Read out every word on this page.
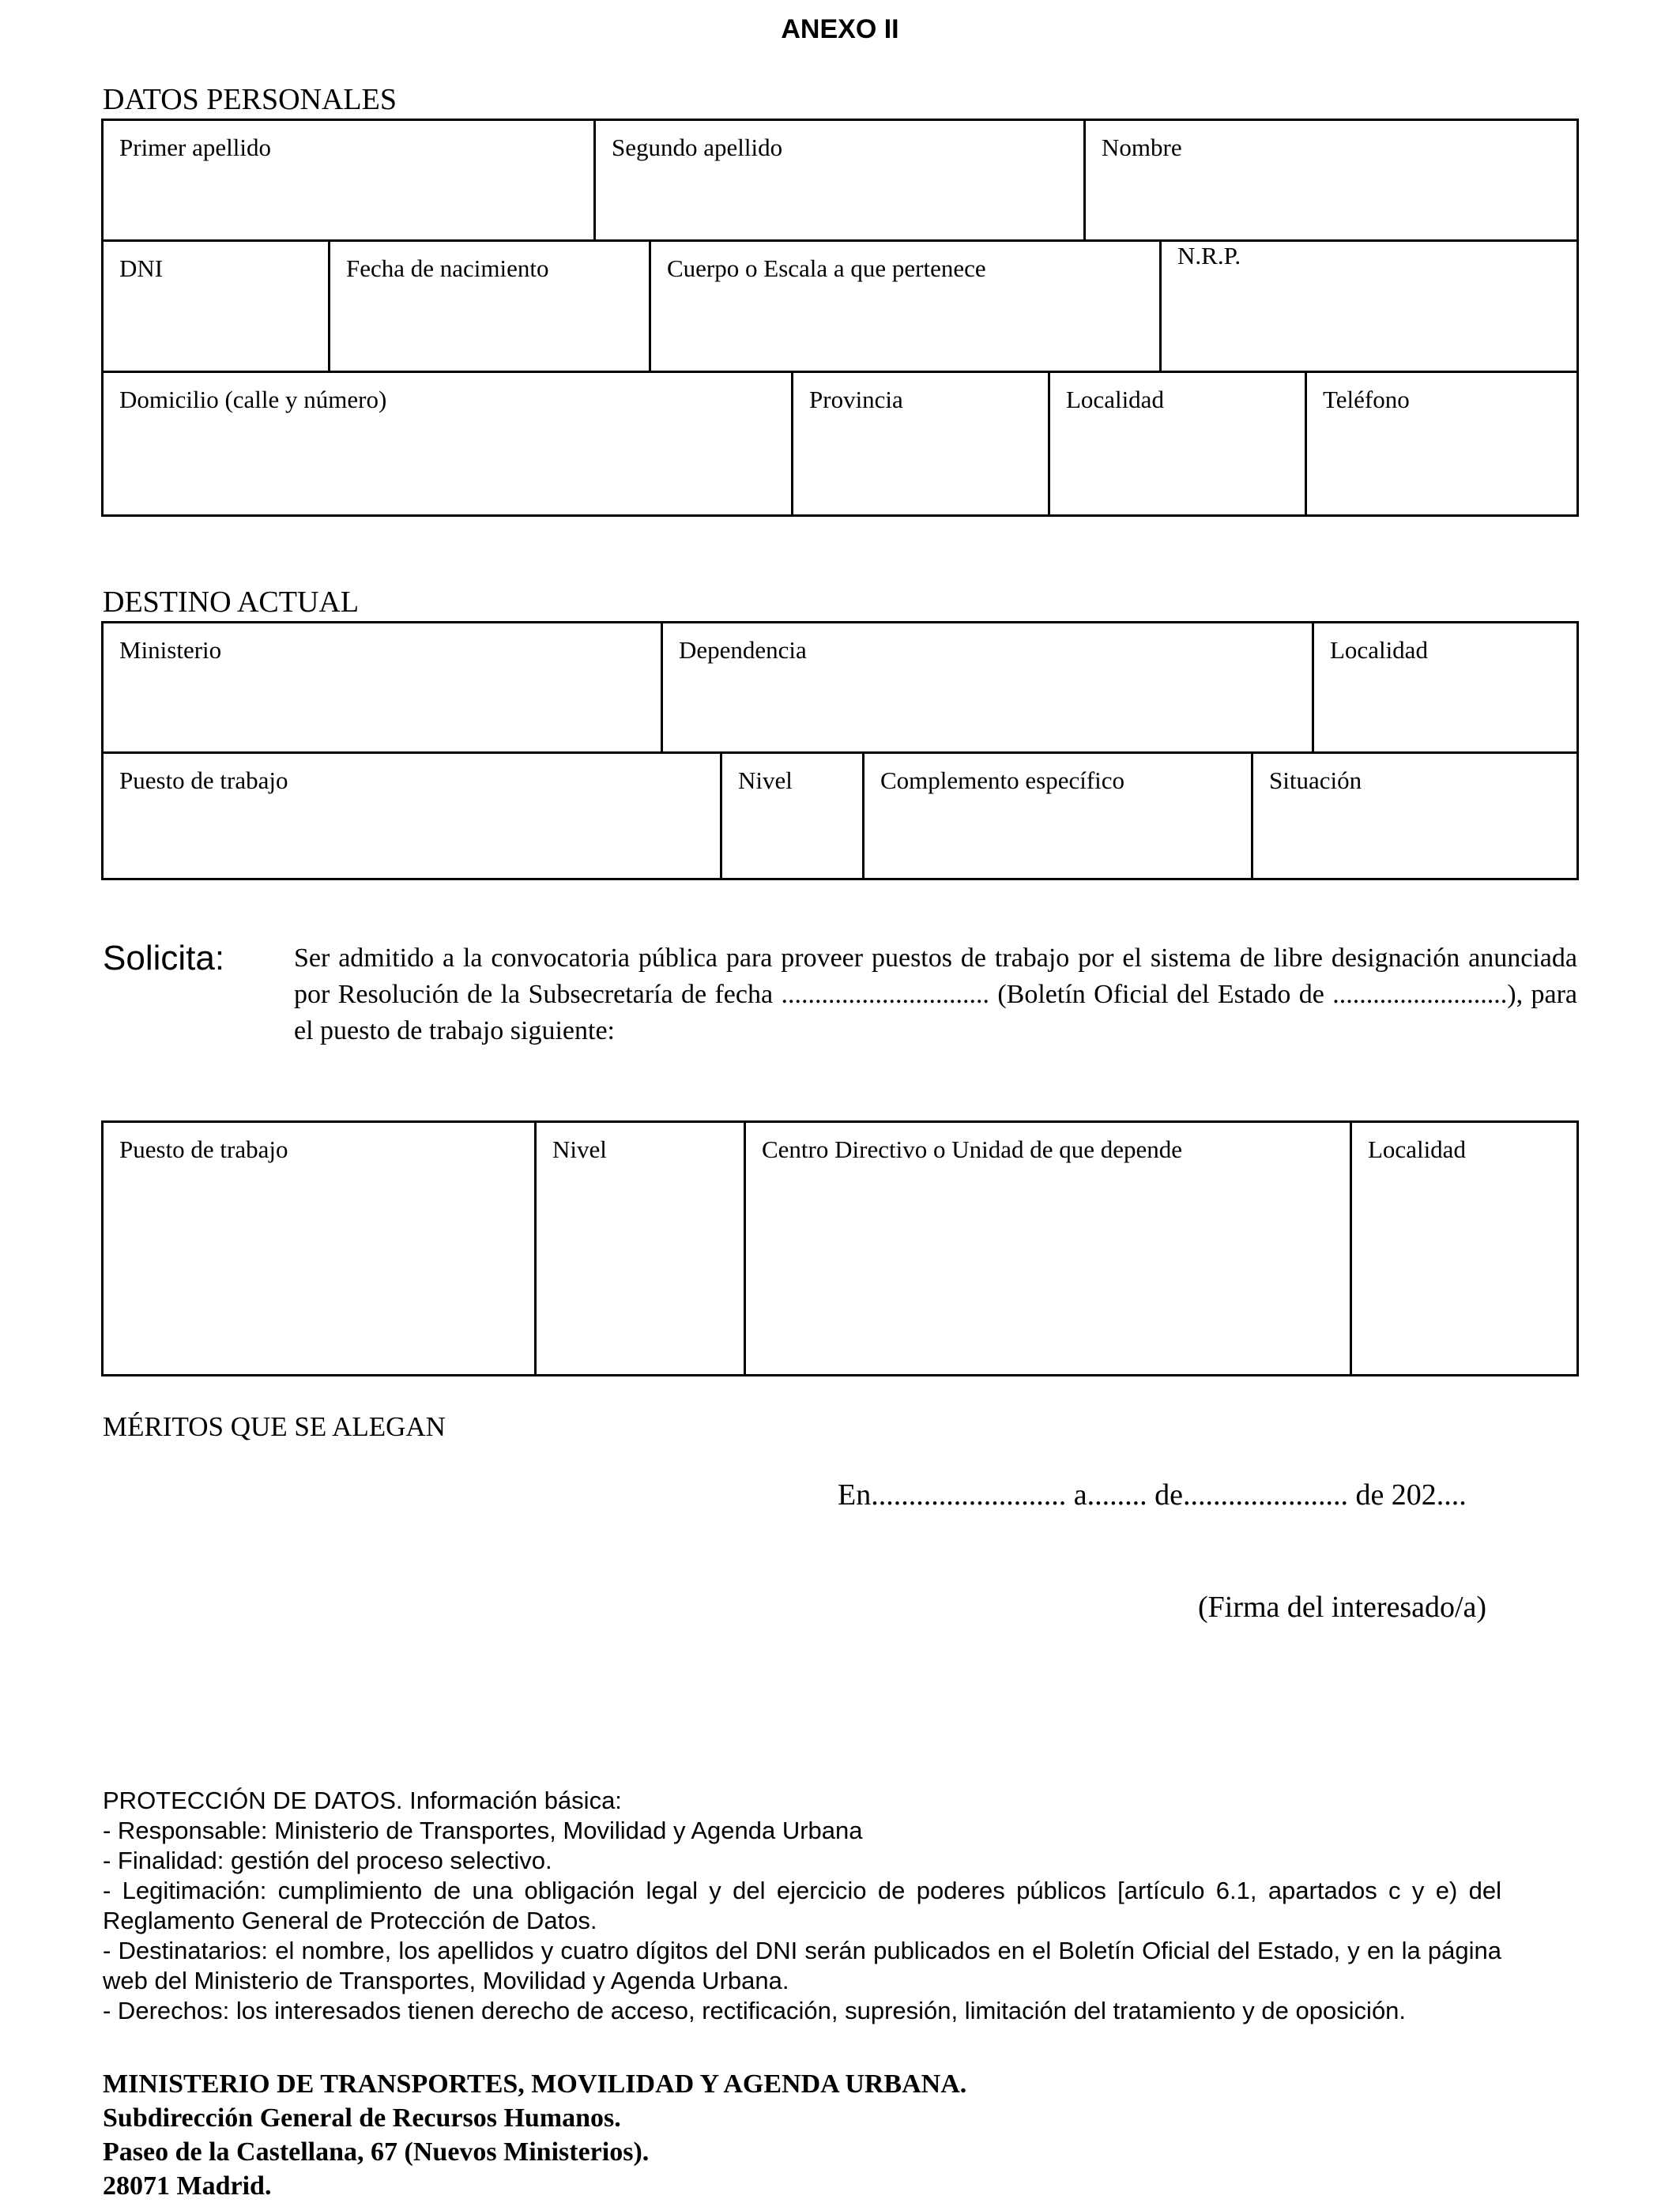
ANEXO II
DATOS PERSONALES
Primer apellido	Segundo apellido	Nombre
DNI	Fecha de nacimiento	Cuerpo o Escala a que pertenece	N.R.P.
Domicilio (calle y número)	Provincia	Localidad	Teléfono
DESTINO ACTUAL
Ministerio	Dependencia	Localidad
Puesto de trabajo	Nivel	Complemento específico	Situación
Solicita:	Ser admitido a la convocatoria pública para proveer puestos de trabajo por el sistema de libre designación anunciada por Resolución de la Subsecretaría de fecha ............................... (Boletín Oficial del Estado de ..........................), para el puesto de trabajo siguiente:
Puesto de trabajo	Nivel	Centro Directivo o Unidad de que depende	Localidad
MÉRITOS QUE SE ALEGAN
En.......................... a........ de...................... de 202....
(Firma del interesado/a)
PROTECCIÓN DE DATOS. Información básica:
- Responsable: Ministerio de Transportes, Movilidad y Agenda Urbana
- Finalidad: gestión del proceso selectivo.
- Legitimación: cumplimiento de una obligación legal y del ejercicio de poderes públicos [artículo 6.1, apartados c y e) del Reglamento General de Protección de Datos.
- Destinatarios: el nombre, los apellidos y cuatro dígitos del DNI serán publicados en el Boletín Oficial del Estado, y en la página web del Ministerio de Transportes, Movilidad y Agenda Urbana.
- Derechos: los interesados tienen derecho de acceso, rectificación, supresión, limitación del tratamiento y de oposición.
MINISTERIO DE TRANSPORTES, MOVILIDAD Y AGENDA URBANA.
Subdirección General de Recursos Humanos.
Paseo de la Castellana, 67 (Nuevos Ministerios).
28071 Madrid.
